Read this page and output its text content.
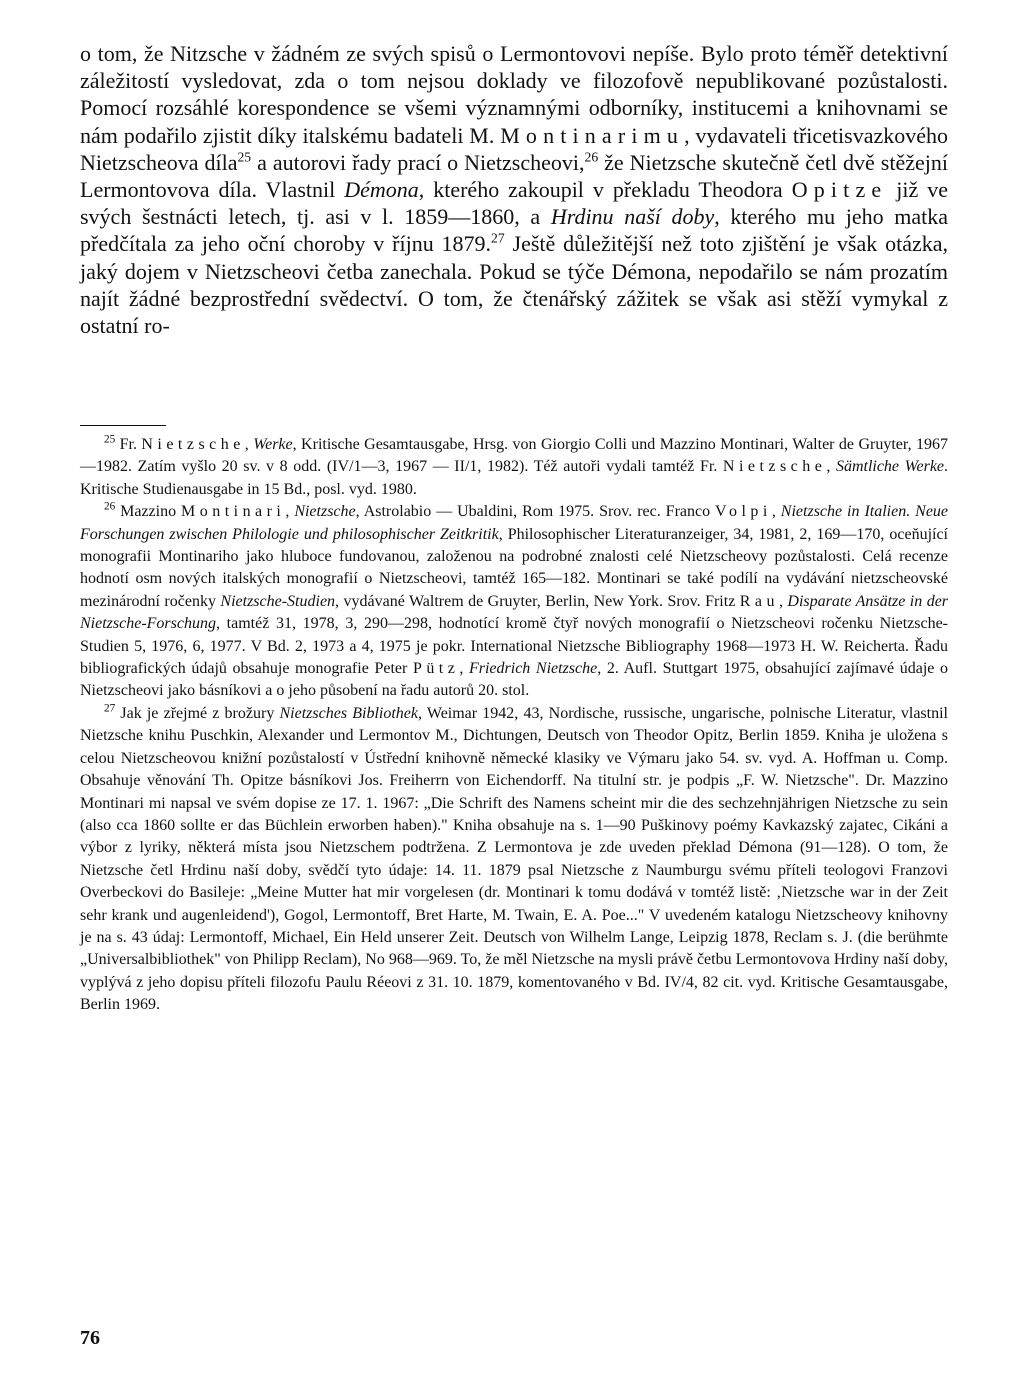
o tom, že Nitzsche v žádném ze svých spisů o Lermontovovi nepíše. Bylo proto téměř detektivní záležitostí vysledovat, zda o tom nejsou doklady ve filozofově nepublikované pozůstalosti. Pomocí rozsáhlé korespondence se všemi významnými odborníky, institucemi a knihovnami se nám podařilo zjistit díky italskému badateli M. Montinarimu, vydavateli třicetisvazkového Nietzscheova díla$^{25}$ a autorovi řady prací o Nietzscheovi,$^{26}$ že Nietzsche skutečně četl dvě stěžejní Lermontovova díla. Vlastnil Démona, kterého zakoupil v překladu Theodora Opitze již ve svých šestnácti letech, tj. asi v l. 1859—1860, a Hrdinu naší doby, kterého mu jeho matka předčítala za jeho oční choroby v říjnu 1879.27 Ještě důležitější než toto zjištění je však otázka, jaký dojem v Nietzscheovi četba zanechala. Pokud se týče Démona, nepodařilo se nám prozatím najít žádné bezprostřední svědectví. O tom, že čtenářský zážitek se však asi stěží vymykal z ostatní ro-

$^{25}$ Fr. Nietzsche, Werke, Kritische Gesamtausgabe, Hrsg. von Giorgio Colli und Mazzino Montinari, Walter de Gruyter, 1967—1982. Zatím vyšlo 20 sv. v 8 odd. (IV/1—3, 1967 — II/1, 1982). Též autoři vydali tamtéž Fr. Nietzsche, Sämtliche Werke. Kritische Studienausgabe in 15 Bd., posl. vyd. 1980.

$^{26}$ Mazzino Montinari, Nietzsche, Astrolabio — Ubaldini, Rom 1975. Srov. rec. Franco Volpi, Nietzsche in Italien. Neue Forschungen zwischen Philologie und philosophischer Zeitkritik, Philosophischer Literaturanzeiger, 34, 1981, 2, 169—170, oceňující monografii Montinariho jako hluboce fundovanou, založenou na podrobné znalosti celé Nietzscheovy pozůstalosti. Celá recenze hodnotí osm nových italských monografií o Nietzscheovi, tamtéž 165—182. Montinari se také podílí na vydávání nietzscheovské mezinárodní ročenky Nietzsche-Studien, vydávané Waltrem de Gruyter, Berlin, New York. Srov. Fritz Rau, Disparate Ansätze in der Nietzsche-Forschung, tamtéž 31, 1978, 3, 290—298, hodnotící kromě čtyř nových monografií o Nietzscheovi ročenku Nietzsche-Studien 5, 1976, 6, 1977. V Bd. 2, 1973 a 4, 1975 je pokr. International Nietzsche Bibliography 1968—1973 H. W. Reicherta. Řadu bibliografických údajů obsahuje monografie Peter Pütz, Friedrich Nietzsche, 2. Aufl. Stuttgart 1975, obsahující zajímavé údaje o Nietzscheovi jako básníkovi a o jeho působení na řadu autorů 20. stol.

$^{27}$ Jak je zřejmé z brožury Nietzsches Bibliothek, Weimar 1942, 43, Nordische, russische, ungarische, polnische Literatur, vlastnil Nietzsche knihu Puschkin, Alexander und Lermontov M., Dichtungen, Deutsch von Theodor Opitz, Berlin 1859. Kniha je uložena s celou Nietzscheovou knižní pozůstalostí v Ústřední knihovně německé klasiky ve Výmaru jako 54. sv. vyd. A. Hoffman u. Comp. Obsahuje věnování Th. Opitze básníkovi Jos. Freiherrn von Eichendorff. Na titulní str. je podpis „F. W. Nietzsche". Dr. Mazzino Montinari mi napsal ve svém dopise ze 17. 1. 1967: „Die Schrift des Namens scheint mir die des sechzehnjährigen Nietzsche zu sein (also cca 1860 sollte er das Büchlein erworben haben)." Kniha obsahuje na s. 1—90 Puškinovy poémy Kavkazský zajatec, Cikáni a výbor z lyriky, některá místa jsou Nietzschem podtržena. Z Lermontova je zde uveden překlad Démona (91—128). O tom, že Nietzsche četl Hrdinu naší doby, svědčí tyto údaje: 14. 11. 1879 psal Nietzsche z Naumburgu svému příteli teologovi Franzovi Overbeckovi do Basileje: „Meine Mutter hat mir vorgelesen (dr. Montinari k tomu dodává v tomtéž listě: ‚Nietzsche war in der Zeit sehr krank und augenleidend'), Gogol, Lermontoff, Bret Harte, M. Twain, E. A. Poe..." V uvedeném katalogu Nietzscheovy knihovny je na s. 43 údaj: Lermontoff, Michael, Ein Held unserer Zeit. Deutsch von Wilhelm Lange, Leipzig 1878, Reclam s. J. (die berühmte „Universalbibliothek" von Philipp Reclam), No 968—969. To, že měl Nietzsche na mysli právě četbu Lermontovova Hrdiny naší doby, vyplývá z jeho dopisu příteli filozofu Paulu Réeovi z 31. 10. 1879, komentovaného v Bd. IV/4, 82 cit. vyd. Kritische Gesamtausgabe, Berlin 1969.

76
